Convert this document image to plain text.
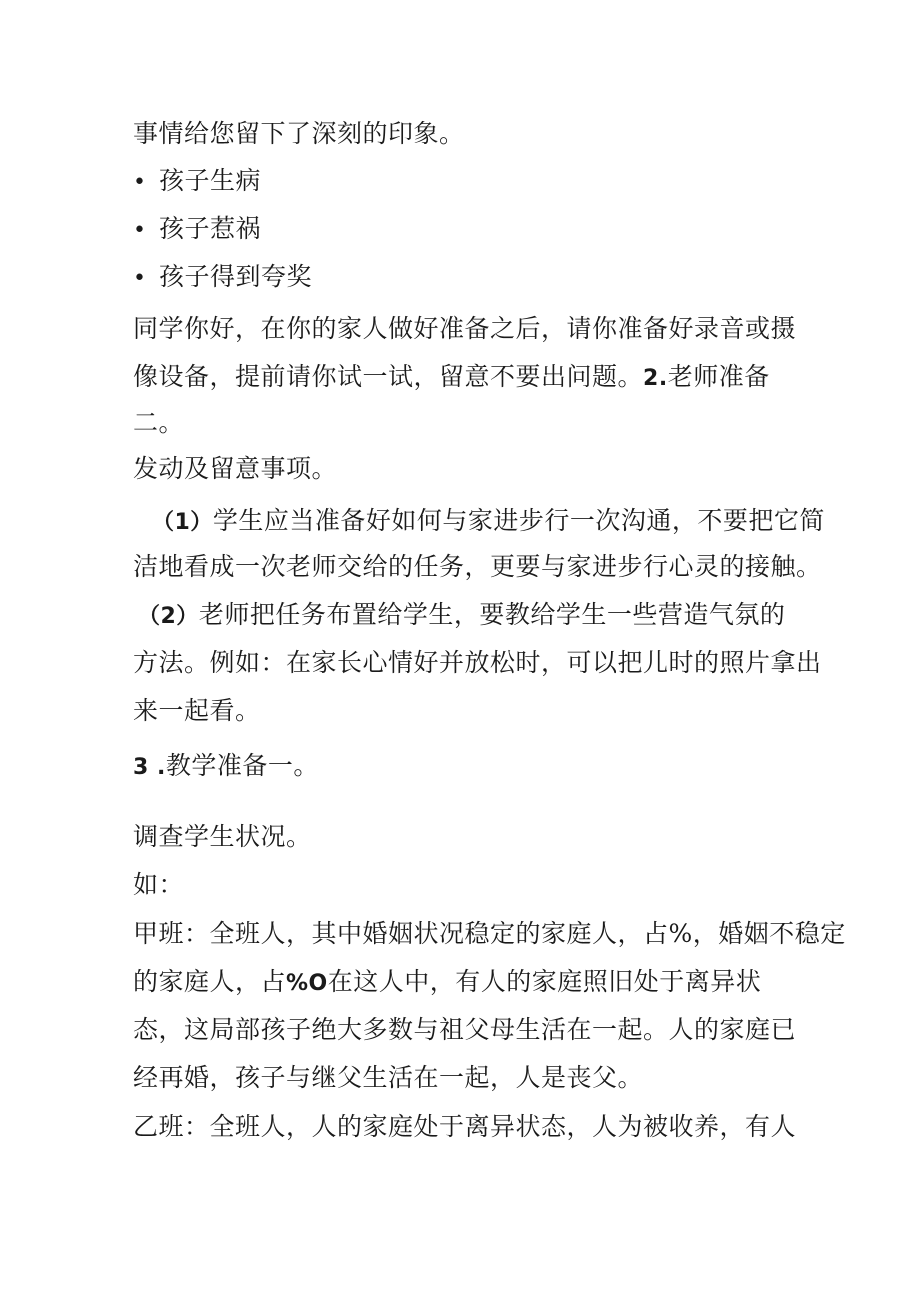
事情给您留下了深刻的印象。
• 孩子生病
• 孩子惹祸
• 孩子得到夸奖
同学你好，在你的家人做好准备之后，请你准备好录音或摄
像设备，提前请你试一试，留意不要出问题。2.老师准备
二。
发动及留意事项。
（1）学生应当准备好如何与家进步行一次沟通，不要把它简
洁地看成一次老师交给的任务，更要与家进步行心灵的接触。
（2）老师把任务布置给学生，要教给学生一些营造气氛的
方法。例如：在家长心情好并放松时，可以把儿时的照片拿出
来一起看。
3 .教学准备一。
调查学生状况。
如：
甲班：全班人，其中婚姻状况稳定的家庭人，占%，婚姻不稳定
的家庭人，占%O在这人中，有人的家庭照旧处于离异状
态，这局部孩子绝大多数与祖父母生活在一起。人的家庭已
经再婚，孩子与继父生活在一起，人是丧父。
乙班：全班人，人的家庭处于离异状态，人为被收养，有人
